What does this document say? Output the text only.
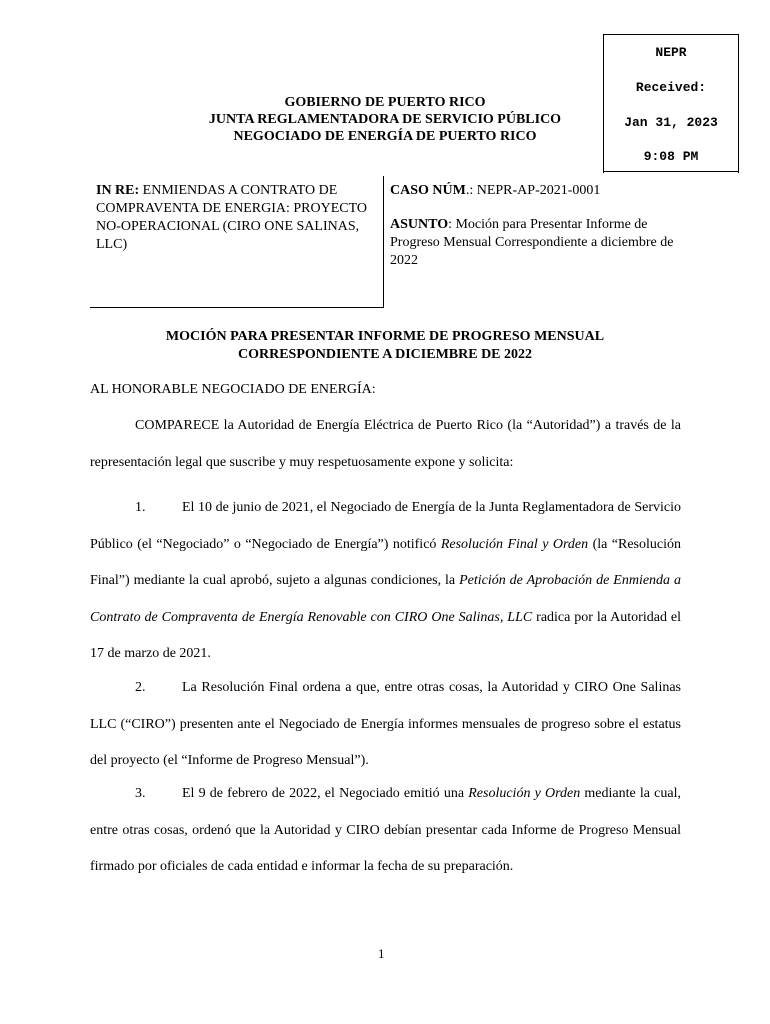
NEPR
Received:
Jan 31, 2023
9:08 PM
GOBIERNO DE PUERTO RICO
JUNTA REGLAMENTADORA DE SERVICIO PÚBLICO
NEGOCIADO DE ENERGÍA DE PUERTO RICO
IN RE: ENMIENDAS A CONTRATO DE COMPRAVENTA DE ENERGIA: PROYECTO NO-OPERACIONAL (CIRO ONE SALINAS, LLC)

CASO NÚM.: NEPR-AP-2021-0001

ASUNTO: Moción para Presentar Informe de Progreso Mensual Correspondiente a diciembre de 2022

MOCIÓN PARA PRESENTAR INFORME DE PROGRESO MENSUAL
CORRESPONDIENTE A DICIEMBRE DE 2022
AL HONORABLE NEGOCIADO DE ENERGÍA:
COMPARECE la Autoridad de Energía Eléctrica de Puerto Rico (la “Autoridad”) a través de la representación legal que suscribe y muy respetuosamente expone y solicita:
1.	El 10 de junio de 2021, el Negociado de Energía de la Junta Reglamentadora de Servicio Público (el “Negociado” o “Negociado de Energía”) notificó Resolución Final y Orden (la “Resolución Final”) mediante la cual aprobó, sujeto a algunas condiciones, la Petición de Aprobación de Enmienda a Contrato de Compraventa de Energía Renovable con CIRO One Salinas, LLC radica por la Autoridad el 17 de marzo de 2021.
2.	La Resolución Final ordena a que, entre otras cosas, la Autoridad y CIRO One Salinas LLC (“CIRO”) presenten ante el Negociado de Energía informes mensuales de progreso sobre el estatus del proyecto (el “Informe de Progreso Mensual”).
3.	El 9 de febrero de 2022, el Negociado emitió una Resolución y Orden mediante la cual, entre otras cosas, ordenó que la Autoridad y CIRO debían presentar cada Informe de Progreso Mensual firmado por oficiales de cada entidad e informar la fecha de su preparación.
1
